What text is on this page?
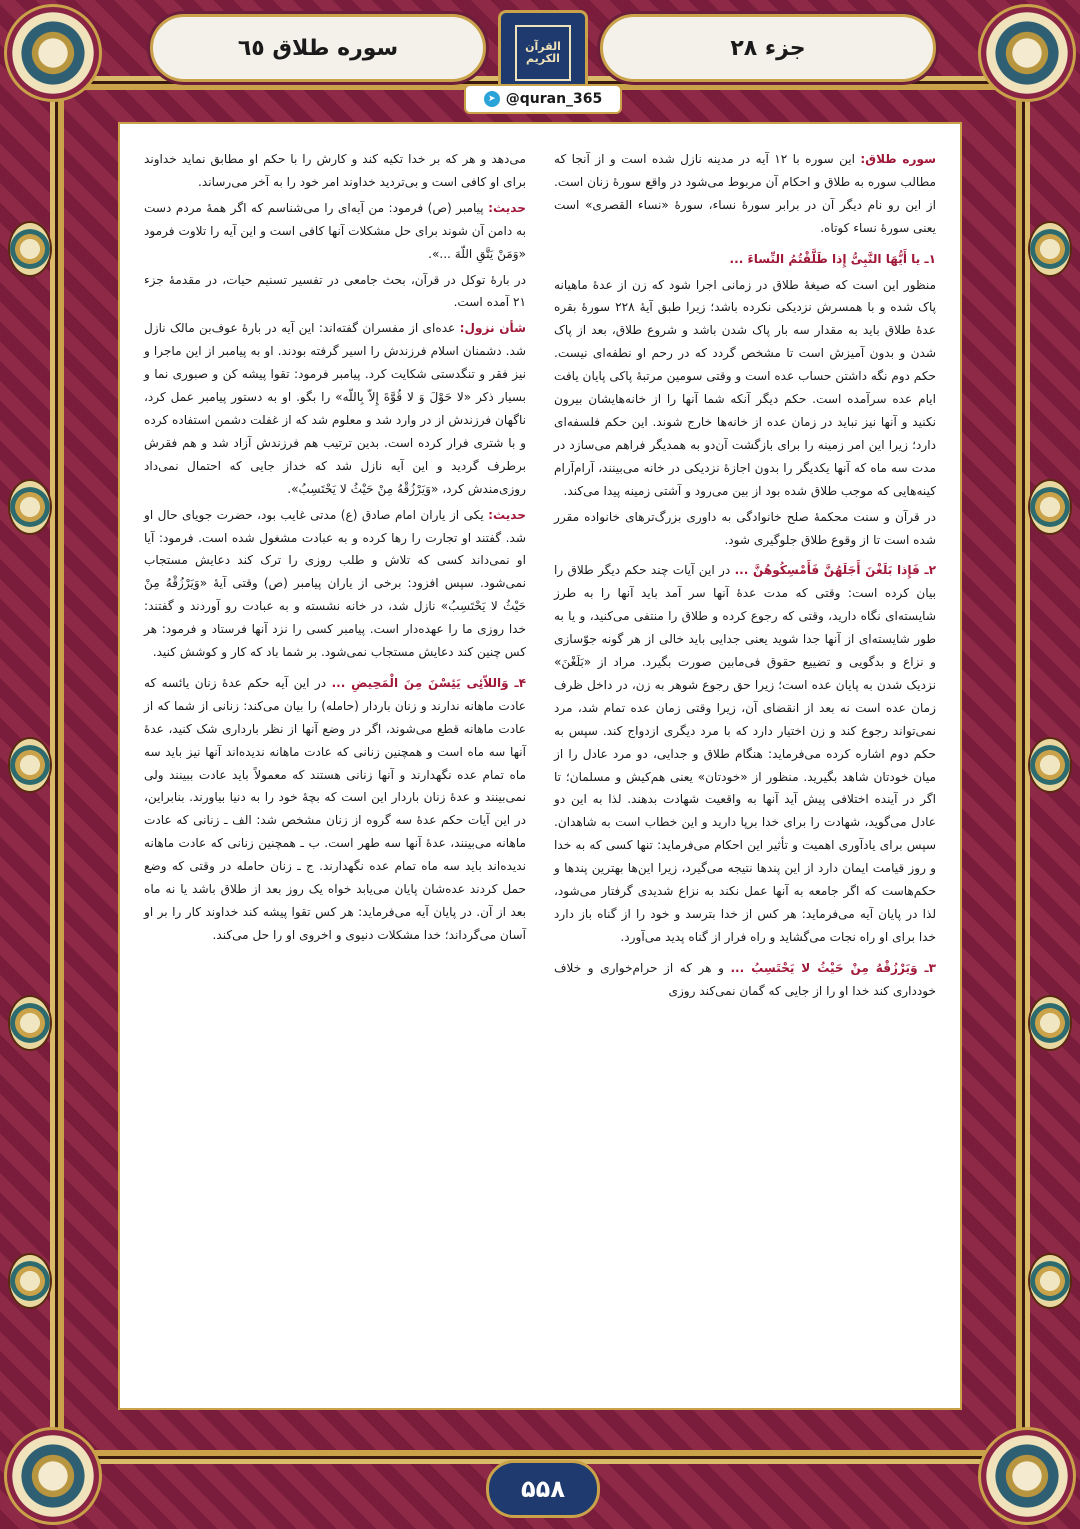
سوره طلاق ٦٥	جزء ٢٨
القرآن الكريم
➤ @quran_365

سوره طلاق: این سوره با ۱۲ آیه در مدینه نازل شده است و از آنجا که مطالب سوره به طلاق و احکام آن مربوط می‌شود در واقع سورهٔ زنان است. از این رو نام دیگر آن در برابر سورهٔ نساء، سورهٔ «نساء القصری» است یعنی سورهٔ نساء کوتاه.

۱ـ یا أَیُّهَا النَّبِیُّ إِذا طَلَّقْتُمُ النِّساءَ ...

منظور این است که صیغهٔ طلاق در زمانی اجرا شود که زن از عدهٔ ماهیانه پاک شده و با همسرش نزدیکی نکرده باشد؛ زیرا طبق آیهٔ ۲۲۸ سورهٔ بقره عدهٔ طلاق باید به مقدار سه بار پاک شدن باشد و شروع طلاق، بعد از پاک شدن و بدون آمیزش است تا مشخص گردد که در رحم او نطفه‌ای نیست. حکم دوم نگه داشتن حساب عده است و وقتی سومین مرتبهٔ پاکی پایان یافت ایام عده سرآمده است. حکم دیگر آنکه شما آنها را از خانه‌هایشان بیرون نکنید و آنها نیز نباید در زمان عده از خانه‌ها خارج شوند. این حکم فلسفه‌ای دارد؛ زیرا این امر زمینه را برای بازگشت آن‌دو به همدیگر فراهم می‌سازد در مدت سه ماه که آنها یکدیگر را بدون اجازهٔ نزدیکی در خانه می‌بینند، آرام‌آرام کینه‌هایی که موجب طلاق شده بود از بین می‌رود و آشتی زمینه پیدا می‌کند.

در قرآن و سنت محکمهٔ صلح خانوادگی به داوری بزرگ‌ترهای خانواده مقرر شده است تا از وقوع طلاق جلوگیری شود.

۲ـ فَإِذا بَلَغْنَ أَجَلَهُنَّ فَأَمْسِكُوهُنَّ ... در این آیات چند حکم دیگر طلاق را بیان کرده است: وقتی که مدت عدهٔ آنها سر آمد باید آنها را به طرز شایسته‌ای نگاه دارید، وقتی که رجوع کرده و طلاق را منتفی می‌کنید، و یا به طور شایسته‌ای از آنها جدا شوید یعنی جدایی باید خالی از هر گونه جوّسازی و نزاع و بدگویی و تضییع حقوق فی‌مابین صورت بگیرد. مراد از «بَلَغْنَ» نزدیک شدن به پایان عده است؛ زیرا حق رجوع شوهر به زن، در داخل ظرف زمان عده است نه بعد از انقضای آن، زیرا وقتی زمان عده تمام شد، مرد نمی‌تواند رجوع کند و زن اختیار دارد که با مرد دیگری ازدواج کند. سپس به حکم دوم اشاره کرده می‌فرماید: هنگام طلاق و جدایی، دو مرد عادل را از میان خودتان شاهد بگیرید. منظور از «خودتان» یعنی هم‌کیش و مسلمان؛ تا اگر در آینده اختلافی پیش آید آنها به واقعیت شهادت بدهند. لذا به این دو عادل می‌گوید، شهادت را برای خدا برپا دارید و این خطاب است به شاهدان. سپس برای یادآوری اهمیت و تأثیر این احکام می‌فرماید: تنها کسی که به خدا و روز قیامت ایمان دارد از این پندها نتیجه می‌گیرد، زیرا این‌ها بهترین پندها و حکم‌هاست که اگر جامعه به آنها عمل نکند به نزاع شدیدی گرفتار می‌شود، لذا در پایان آیه می‌فرماید: هر کس از خدا بترسد و خود را از گناه باز دارد خدا برای او راه نجات می‌گشاید و راه فرار از گناه پدید می‌آورد.

۳ـ وَیَرْزُقْهُ مِنْ حَیْثُ لا یَحْتَسِبُ ... و هر که از حرام‌خواری و خلاف خودداری کند خدا او را از جایی که گمان نمی‌کند روزی

می‌دهد و هر که بر خدا تکیه کند و کارش را با حکم او مطابق نماید خداوند برای او کافی است و بی‌تردید خداوند امر خود را به آخر می‌رساند.

حدیث: پیامبر (ص) فرمود: من آیه‌ای را می‌شناسم که اگر همهٔ مردم دست به دامن آن شوند برای حل مشکلات آنها کافی است و این آیه را تلاوت فرمود «وَمَنْ یَتَّقِ اللّهَ ...».

در بارهٔ توکل در قرآن، بحث جامعی در تفسیر تسنیم حیات، در مقدمهٔ جزء ۲۱ آمده است.

شأن نزول: عده‌ای از مفسران گفته‌اند: این آیه در بارهٔ عوف‌بن مالک نازل شد. دشمنان اسلام فرزندش را اسیر گرفته بودند. او به پیامبر از این ماجرا و نیز فقر و تنگدستی شکایت کرد. پیامبر فرمود: تقوا پیشه کن و صبوری نما و بسیار ذکر «لا حَوْلَ وَ لا قُوَّةَ إِلاّ بِاللّه» را بگو. او به دستور پیامبر عمل کرد، ناگهان فرزندش از در وارد شد و معلوم شد که از غفلت دشمن استفاده کرده و با شتری فرار کرده است. بدین ترتیب هم فرزندش آزاد شد و هم فقرش برطرف گردید و این آیه نازل شد که خداز جایی که احتمال نمی‌داد روزی‌مندش کرد، «وَیَرْزُقْهُ مِنْ حَیْثُ لا یَحْتَسِبُ».

حدیث: یکی از یاران امام صادق (ع) مدتی غایب بود، حضرت جویای حال او شد. گفتند او تجارت را رها کرده و به عبادت مشغول شده است. فرمود: آیا او نمی‌داند کسی که تلاش و طلب روزی را ترک کند دعایش مستجاب نمی‌شود. سپس افزود: برخی از یاران پیامبر (ص) وقتی آیهٔ «وَیَرْزُقْهُ مِنْ حَیْثُ لا یَحْتَسِبُ» نازل شد، در خانه نشسته و به عبادت رو آوردند و گفتند: خدا روزی ما را عهده‌دار است. پیامبر کسی را نزد آنها فرستاد و فرمود: هر کس چنین کند دعایش مستجاب نمی‌شود. بر شما باد که کار و کوشش کنید.

۴ـ وَاللاّئِی یَئِسْنَ مِنَ الْمَحِیضِ ... در این آیه حکم عدهٔ زنان یائسه که عادت ماهانه ندارند و زنان باردار (حامله) را بیان می‌کند: زنانی از شما که از عادت ماهانه قطع می‌شوند، اگر در وضع آنها از نظر بارداری شک کنید، عدهٔ آنها سه ماه است و همچنین زنانی که عادت ماهانه ندیده‌اند آنها نیز باید سه ماه تمام عده نگهدارند و آنها زنانی هستند که معمولاً باید عادت ببینند ولی نمی‌بینند و عدهٔ زنان باردار این است که بچهٔ خود را به دنیا بیاورند. بنابراین، در این آیات حکم عدهٔ سه گروه از زنان مشخص شد: الف ـ زنانی که عادت ماهانه می‌بینند، عدهٔ آنها سه طهر است. ب ـ همچنین زنانی که عادت ماهانه ندیده‌اند باید سه ماه تمام عده نگهدارند. ج ـ زنان حامله در وقتی که وضع حمل کردند عده‌شان پایان می‌یابد خواه یک روز بعد از طلاق باشد یا نه ماه بعد از آن. در پایان آیه می‌فرماید: هر کس تقوا پیشه کند خداوند کار را بر او آسان می‌گرداند؛ خدا مشکلات دنیوی و اخروی او را حل می‌کند.

۵۵۸
